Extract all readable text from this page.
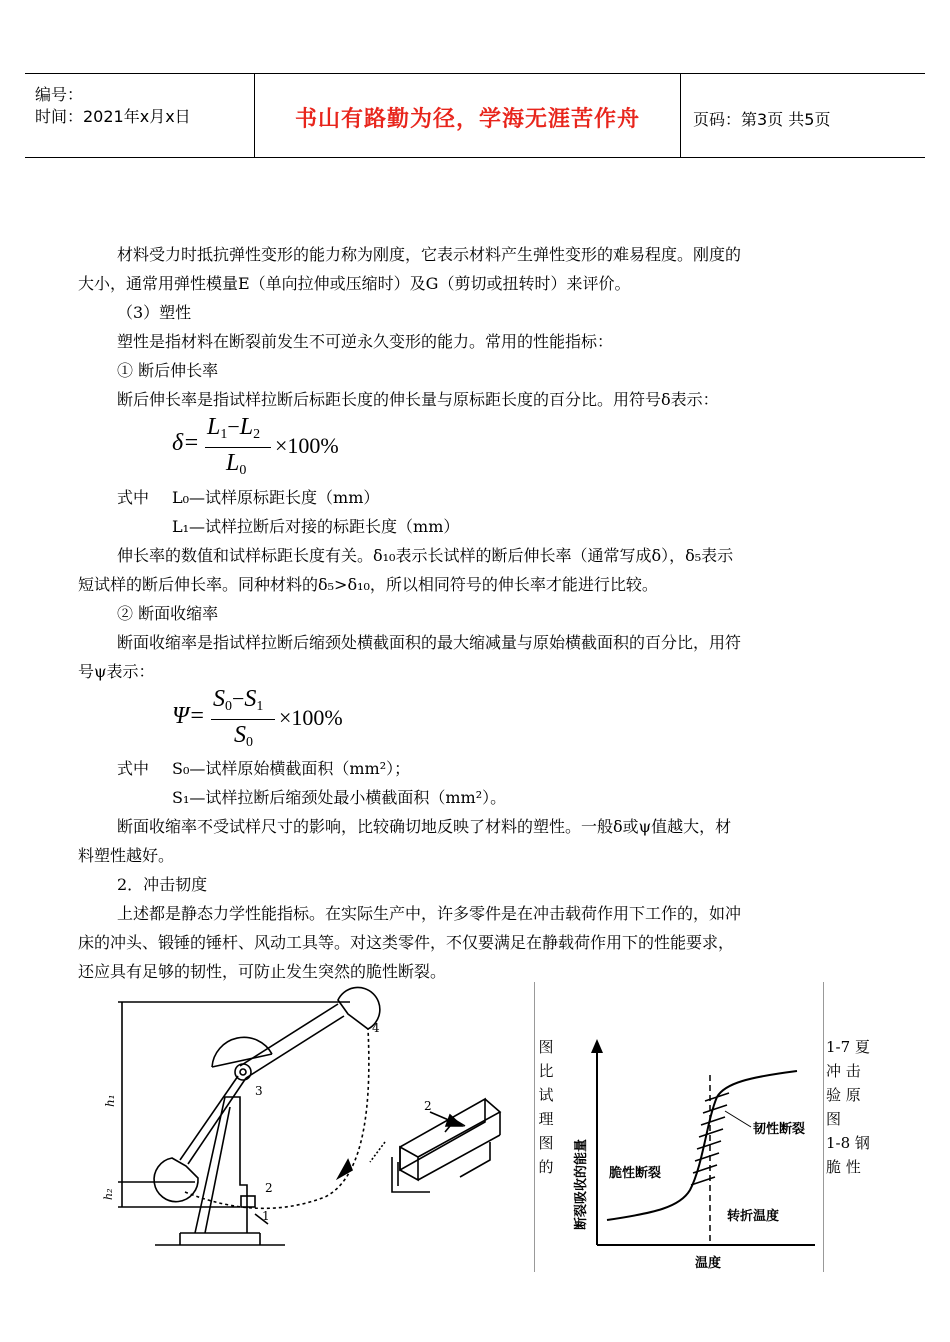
编号：
时间：2021年x月x日	书山有路勤为径，学海无涯苦作舟	页码：第3页 共5页
材料受力时抵抗弹性变形的能力称为刚度，它表示材料产生弹性变形的难易程度。刚度的
大小，通常用弹性模量E（单向拉伸或压缩时）及G（剪切或扭转时）来评价。
（3）塑性
塑性是指材料在断裂前发生不可逆永久变形的能力。常用的性能指标：
① 断后伸长率
断后伸长率是指试样拉断后标距长度的伸长量与原标距长度的百分比。用符号δ表示：
δ=
$L_1-L_2$
$L_0$
×100%
式中 L₀—试样原标距长度（mm）
L₁—试样拉断后对接的标距长度（mm）
伸长率的数值和试样标距长度有关。δ₁₀表示长试样的断后伸长率（通常写成δ），δ₅表示
短试样的断后伸长率。同种材料的δ₅>δ₁₀，所以相同符号的伸长率才能进行比较。
② 断面收缩率
断面收缩率是指试样拉断后缩颈处横截面积的最大缩减量与原始横截面积的百分比，用符
号ψ表示：
Ψ=
$S_0-S_1$
$S_0$
×100%
式中 S₀—试样原始横截面积（mm²）；
S₁—试样拉断后缩颈处最小横截面积（mm²）。
断面收缩率不受试样尺寸的影响，比较确切地反映了材料的塑性。一般δ或ψ值越大，材
料塑性越好。
2．冲击韧度
上述都是静态力学性能指标。在实际生产中，许多零件是在冲击载荷作用下工作的，如冲
床的冲头、锻锤的锤杆、风动工具等。对这类零件，不仅要满足在静载荷作用下的性能要求，
还应具有足够的韧性，可防止发生突然的脆性断裂。
h₁
h₂
1
2
3
4
2
图
比
试
理
图
的 断裂吸收的能量
温度
韧性断裂
脆性断裂
转折温度
1-7 夏
冲 击
验 原
图
1-8 钢
脆 性
